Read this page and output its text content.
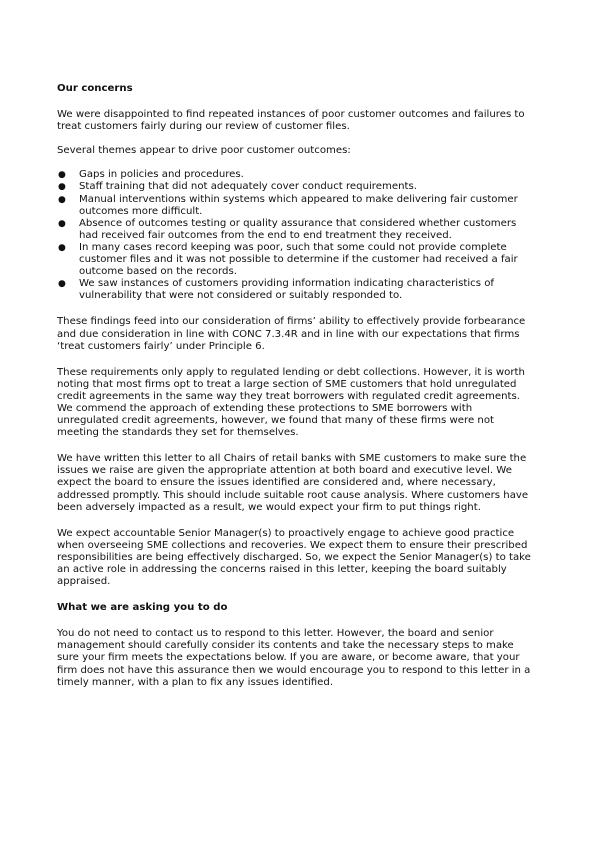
Our concerns

We were disappointed to find repeated instances of poor customer outcomes and failures to treat customers fairly during our review of customer files.

Several themes appear to drive poor customer outcomes:

● Gaps in policies and procedures.
● Staff training that did not adequately cover conduct requirements.
● Manual interventions within systems which appeared to make delivering fair customer outcomes more difficult.
● Absence of outcomes testing or quality assurance that considered whether customers had received fair outcomes from the end to end treatment they received.
● In many cases record keeping was poor, such that some could not provide complete customer files and it was not possible to determine if the customer had received a fair outcome based on the records.
● We saw instances of customers providing information indicating characteristics of vulnerability that were not considered or suitably responded to.

These findings feed into our consideration of firms’ ability to effectively provide forbearance and due consideration in line with CONC 7.3.4R and in line with our expectations that firms ‘treat customers fairly’ under Principle 6.

These requirements only apply to regulated lending or debt collections. However, it is worth noting that most firms opt to treat a large section of SME customers that hold unregulated credit agreements in the same way they treat borrowers with regulated credit agreements. We commend the approach of extending these protections to SME borrowers with unregulated credit agreements, however, we found that many of these firms were not meeting the standards they set for themselves.

We have written this letter to all Chairs of retail banks with SME customers to make sure the issues we raise are given the appropriate attention at both board and executive level. We expect the board to ensure the issues identified are considered and, where necessary, addressed promptly. This should include suitable root cause analysis. Where customers have been adversely impacted as a result, we would expect your firm to put things right.

We expect accountable Senior Manager(s) to proactively engage to achieve good practice when overseeing SME collections and recoveries. We expect them to ensure their prescribed responsibilities are being effectively discharged. So, we expect the Senior Manager(s) to take an active role in addressing the concerns raised in this letter, keeping the board suitably appraised.

What we are asking you to do

You do not need to contact us to respond to this letter. However, the board and senior management should carefully consider its contents and take the necessary steps to make sure your firm meets the expectations below. If you are aware, or become aware, that your firm does not have this assurance then we would encourage you to respond to this letter in a timely manner, with a plan to fix any issues identified.
